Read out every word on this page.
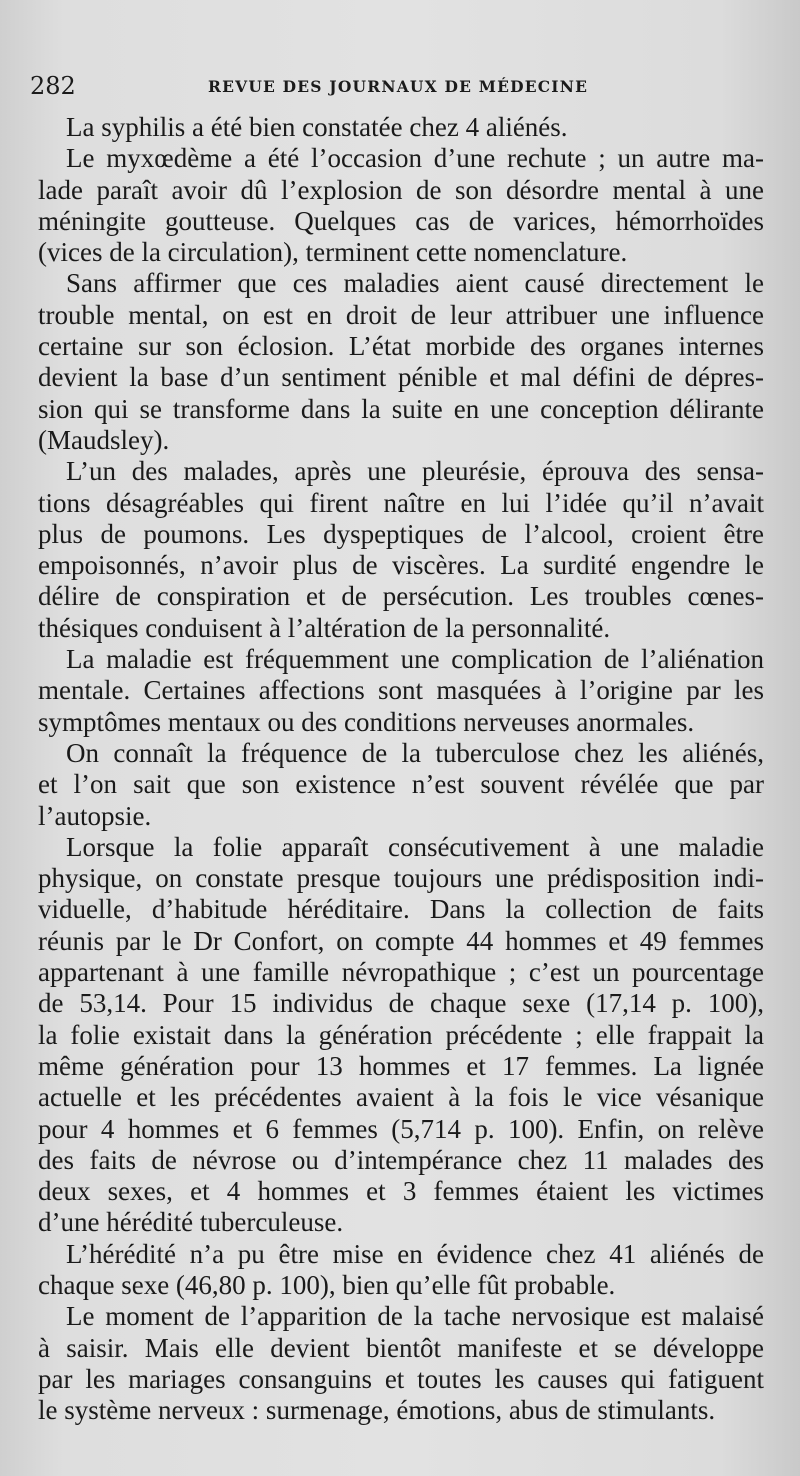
282	REVUE DES JOURNAUX DE MÉDECINE
La syphilis a été bien constatée chez 4 aliénés.
Le myxœdème a été l’occasion d’une rechute ; un autre ma-
lade paraît avoir dû l’explosion de son désordre mental à une
méningite goutteuse. Quelques cas de varices, hémorrhoïdes
(vices de la circulation), terminent cette nomenclature.
Sans affirmer que ces maladies aient causé directement le
trouble mental, on est en droit de leur attribuer une influence
certaine sur son éclosion. L’état morbide des organes internes
devient la base d’un sentiment pénible et mal défini de dépres-
sion qui se transforme dans la suite en une conception délirante
(Maudsley).
L’un des malades, après une pleurésie, éprouva des sensa-
tions désagréables qui firent naître en lui l’idée qu’il n’avait
plus de poumons. Les dyspeptiques de l’alcool, croient être
empoisonnés, n’avoir plus de viscères. La surdité engendre le
délire de conspiration et de persécution. Les troubles cœnes-
thésiques conduisent à l’altération de la personnalité.
La maladie est fréquemment une complication de l’aliénation
mentale. Certaines affections sont masquées à l’origine par les
symptômes mentaux ou des conditions nerveuses anormales.
On connaît la fréquence de la tuberculose chez les aliénés,
et l’on sait que son existence n’est souvent révélée que par
l’autopsie.
Lorsque la folie apparaît consécutivement à une maladie
physique, on constate presque toujours une prédisposition indi-
viduelle, d’habitude héréditaire. Dans la collection de faits
réunis par le Dr Confort, on compte 44 hommes et 49 femmes
appartenant à une famille névropathique ; c’est un pourcentage
de 53,14. Pour 15 individus de chaque sexe (17,14 p. 100),
la folie existait dans la génération précédente ; elle frappait la
même génération pour 13 hommes et 17 femmes. La lignée
actuelle et les précédentes avaient à la fois le vice vésanique
pour 4 hommes et 6 femmes (5,714 p. 100). Enfin, on relève
des faits de névrose ou d’intempérance chez 11 malades des
deux sexes, et 4 hommes et 3 femmes étaient les victimes
d’une hérédité tuberculeuse.
L’hérédité n’a pu être mise en évidence chez 41 aliénés de
chaque sexe (46,80 p. 100), bien qu’elle fût probable.
Le moment de l’apparition de la tache nervosique est malaisé
à saisir. Mais elle devient bientôt manifeste et se développe
par les mariages consanguins et toutes les causes qui fatiguent
le système nerveux : surmenage, émotions, abus de stimulants.
